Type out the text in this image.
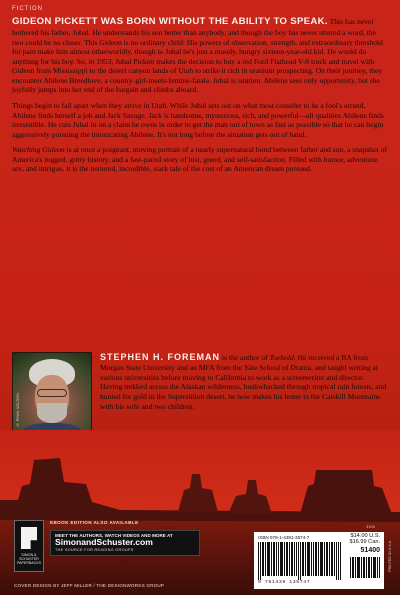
FICTION

GIDEON PICKETT WAS BORN WITHOUT THE ABILITY TO SPEAK. This has never bothered his father, Jubal. He understands his son better than anybody, and though the boy has never uttered a word, the two could be no closer. This Gideon is no ordinary child: His powers of observation, strength, and extraordinary threshold for pain make him almost otherworldly, though to Jubal he's just a moody, hungry sixteen-year-old kid. He would do anything for his boy. So, in 1953, Jubal Pickett makes the decision to buy a red Ford Flathead V-8 truck and travel with Gideon from Mississippi to the desert canyon lands of Utah to strike it rich in uranium prospecting. On their journey, they encounter Abilene Breedlove, a country-girl-meets-femme-fatale. Jubal is smitten. Abilene sees only opportunity, but she joyfully jumps into her end of the bargain and climbs aboard.

Things begin to fall apart when they arrive in Utah. While Jubal sets out on what most consider to be a fool's errand, Abilene finds herself a job and Jack Savage. Jack is handsome, mysterious, rich, and powerful—all qualities Abilene finds irresistible. He cuts Jubal in on a claim he owns in order to get the man out of town as fast as possible so that he can begin aggressively pursuing the intoxicating Abilene. It's not long before the situation gets out of hand.

Watching Gideon is at once a poignant, moving portrait of a nearly supernatural bond between father and son, a snapshot of America's rugged, gritty history, and a fast-paced story of lust, greed, and self-satisfaction. Filled with humor, adventure, sex, and intrigue, it is the textured, incredible, stark tale of the cost of an American dream pursued.

© RYAN NELSON
STEPHEN H. FOREMAN is the author of Toehold. He received a BA from Morgan State University and an MFA from the Yale School of Drama, and taught writing at various universities before moving to California to work as a screenwriter and director. Having trekked across the Alaskan wilderness, bushwhacked through tropical rain forests, and hunted for gold in the Superstition desert, he now makes his home in the Catskill Mountains with his wife and two children.
SIMON &
SCHUSTER
PAPERBACKS
EBOOK EDITION ALSO AVAILABLE
MEET THE AUTHORS, WATCH VIDEOS AND MORE AT
SimonandSchuster.com
THE SOURCE FOR READING GROUPS
COVER DESIGN BY JEFF MILLER / THE DESIGNWORKS GROUP
3105
ISBN 978-1-4391-3574-7	$14.00 U.S.
$16.99 Can.
51400
9 781439 135747
PRINTED IN U.S.A.
